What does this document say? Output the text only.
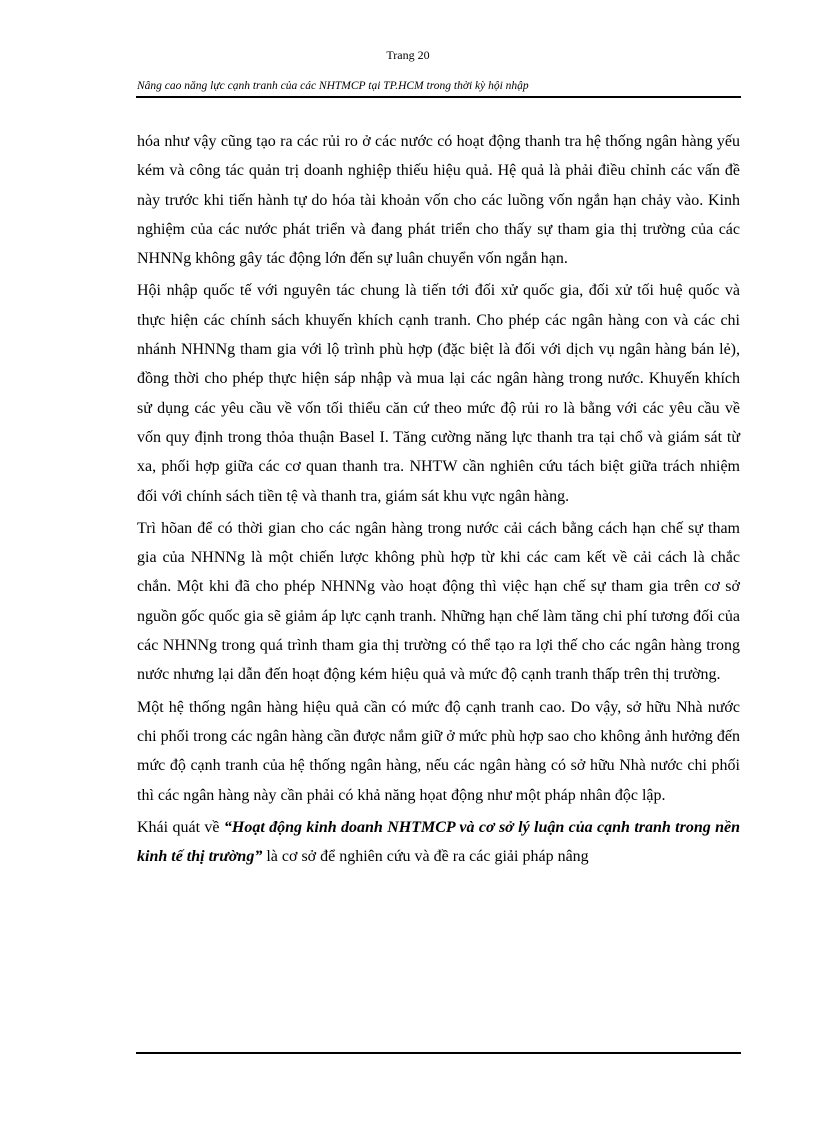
Trang 20
Nâng cao năng lực cạnh tranh của các NHTMCP tại TP.HCM trong thời kỳ hội nhập

hóa như vậy cũng tạo ra các rủi ro ở các nước có hoạt động thanh tra hệ thống ngân hàng yếu kém và công tác quản trị doanh nghiệp thiếu hiệu quả. Hệ quả là phải điều chỉnh các vấn đề này trước khi tiến hành tự do hóa tài khoản vốn cho các luồng vốn ngắn hạn chảy vào. Kinh nghiệm của các nước phát triển và đang phát triển cho thấy sự tham gia thị trường của các NHNNg không gây tác động lớn đến sự luân chuyển vốn ngắn hạn.

Hội nhập quốc tế với nguyên tác chung là tiến tới đối xử quốc gia, đối xử tối huệ quốc và thực hiện các chính sách khuyến khích cạnh tranh. Cho phép các ngân hàng con và các chi nhánh NHNNg tham gia với lộ trình phù hợp (đặc biệt là đối với dịch vụ ngân hàng bán lẻ), đồng thời cho phép thực hiện sáp nhập và mua lại các ngân hàng trong nước. Khuyến khích sử dụng các yêu cầu về vốn tối thiểu căn cứ theo mức độ rủi ro là bằng với các yêu cầu về vốn quy định trong thỏa thuận Basel I. Tăng cường năng lực thanh tra tại chổ và giám sát từ xa, phối hợp giữa các cơ quan thanh tra. NHTW cần nghiên cứu tách biệt giữa trách nhiệm đối với chính sách tiền tệ và thanh tra, giám sát khu vực ngân hàng.

Trì hõan để có thời gian cho các ngân hàng trong nước cải cách bằng cách hạn chế sự tham gia của NHNNg là một chiến lược không phù hợp từ khi các cam kết về cải cách là chắc chắn. Một khi đã cho phép NHNNg vào hoạt động thì việc hạn chế sự tham gia trên cơ sở nguồn gốc quốc gia sẽ giảm áp lực cạnh tranh. Những hạn chế làm tăng chi phí tương đối của các NHNNg trong quá trình tham gia thị trường có thể tạo ra lợi thế cho các ngân hàng trong nước nhưng lại dẫn đến hoạt động kém hiệu quả và mức độ cạnh tranh thấp trên thị trường.

Một hệ thống ngân hàng hiệu quả cần có mức độ cạnh tranh cao. Do vậy, sở hữu Nhà nước chi phối trong các ngân hàng cần được nắm giữ ở mức phù hợp sao cho không ảnh hưởng đến mức độ cạnh tranh của hệ thống ngân hàng, nếu các ngân hàng có sở hữu Nhà nước chi phối thì các ngân hàng này cần phải có khả năng họat động như một pháp nhân độc lập.

Khái quát về “Hoạt động kinh doanh NHTMCP và cơ sở lý luận của cạnh tranh trong nền kinh tế thị trường” là cơ sở để nghiên cứu và đề ra các giải pháp nâng
